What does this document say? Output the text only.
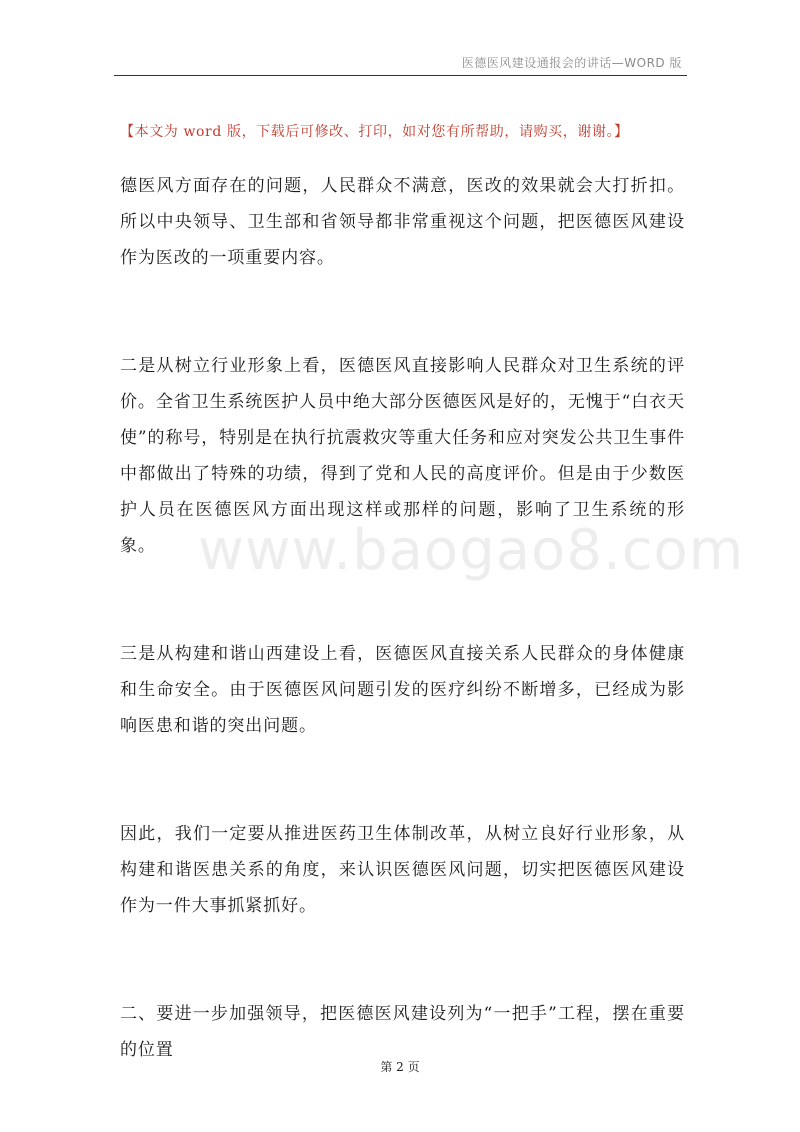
医德医风建设通报会的讲话—WORD 版
【本文为 word 版，下载后可修改、打印，如对您有所帮助，请购买，谢谢。】

德医风方面存在的问题，人民群众不满意，医改的效果就会大打折扣。所以中央领导、卫生部和省领导都非常重视这个问题，把医德医风建设作为医改的一项重要内容。

二是从树立行业形象上看，医德医风直接影响人民群众对卫生系统的评价。全省卫生系统医护人员中绝大部分医德医风是好的，无愧于“白衣天使”的称号，特别是在执行抗震救灾等重大任务和应对突发公共卫生事件中都做出了特殊的功绩，得到了党和人民的高度评价。但是由于少数医护人员在医德医风方面出现这样或那样的问题，影响了卫生系统的形象。

三是从构建和谐山西建设上看，医德医风直接关系人民群众的身体健康和生命安全。由于医德医风问题引发的医疗纠纷不断增多，已经成为影响医患和谐的突出问题。

因此，我们一定要从推进医药卫生体制改革，从树立良好行业形象，从构建和谐医患关系的角度，来认识医德医风问题，切实把医德医风建设作为一件大事抓紧抓好。

二、要进一步加强领导，把医德医风建设列为“一把手”工程，摆在重要的位置

www.baogao8.com
第 2 页
